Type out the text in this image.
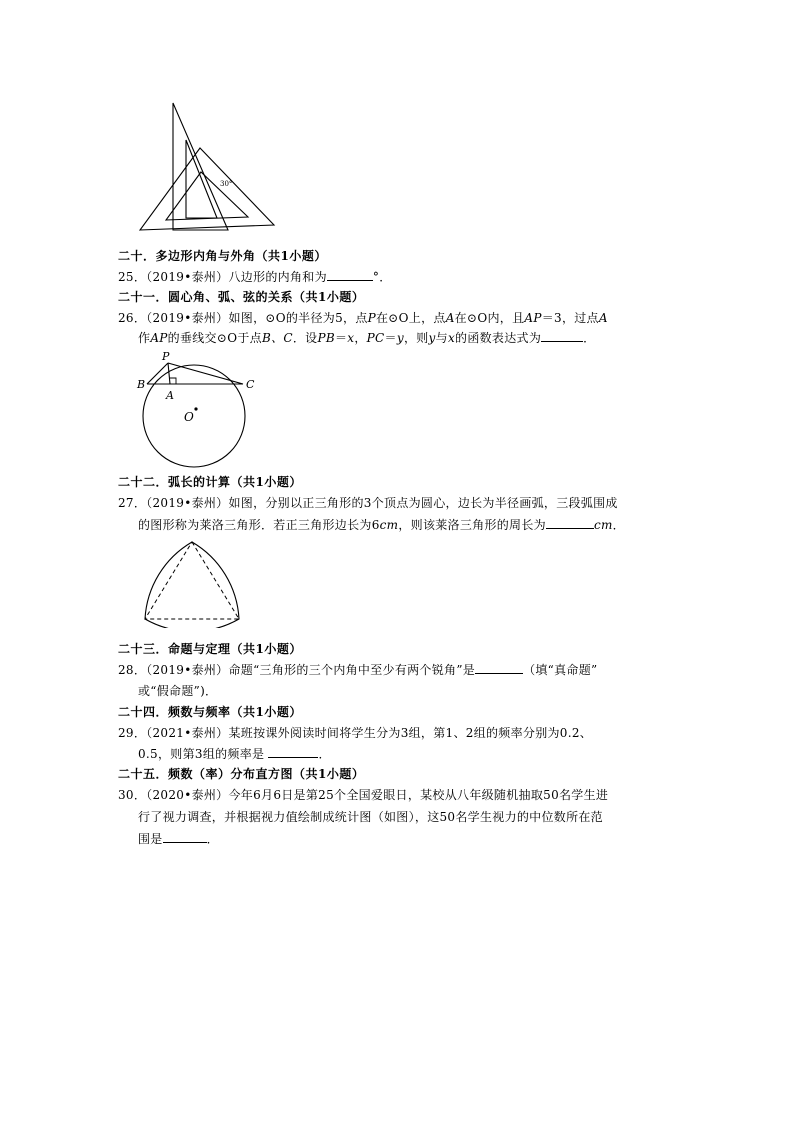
30°
二十．多边形内角与外角（共1小题）
25．（2019•泰州）八边形的内角和为	°．
二十一．圆心角、弧、弦的关系（共1小题）
26．（2019•泰州）如图，⊙O的半径为5，点P在⊙O上，点A在⊙O内，且AP＝3，过点A
作AP的垂线交⊙O于点B、C．设PB＝x，PC＝y，则y与x的函数表达式为	．
P
B	C
A
O
二十二．弧长的计算（共1小题）
27．（2019•泰州）如图，分别以正三角形的3个顶点为圆心，边长为半径画弧，三段弧围成
的图形称为莱洛三角形．若正三角形边长为6cm，则该莱洛三角形的周长为	cm．
二十三．命题与定理（共1小题）
28．（2019•泰州）命题“三角形的三个内角中至少有两个锐角”是	（填“真命题”
或“假命题”)．
二十四．频数与频率（共1小题）
29．（2021•泰州）某班按课外阅读时间将学生分为3组，第1、2组的频率分别为0.2、
0.5，则第3组的频率是	．
二十五．频数（率）分布直方图（共1小题）
30．（2020•泰州）今年6月6日是第25个全国爱眼日，某校从八年级随机抽取50名学生进
行了视力调查，并根据视力值绘制成统计图（如图），这50名学生视力的中位数所在范
围是	．
